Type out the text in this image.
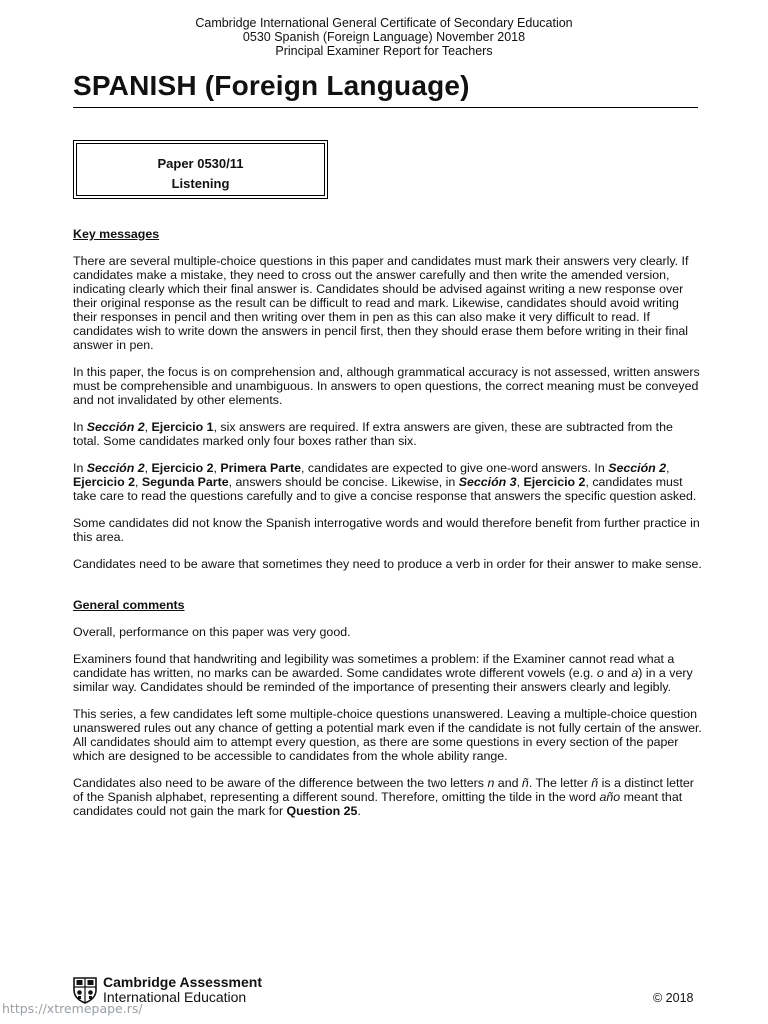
Cambridge International General Certificate of Secondary Education
0530 Spanish (Foreign Language) November 2018
Principal Examiner Report for Teachers
SPANISH (Foreign Language)
Paper 0530/11
Listening
Key messages

There are several multiple-choice questions in this paper and candidates must mark their answers very clearly. If candidates make a mistake, they need to cross out the answer carefully and then write the amended version, indicating clearly which their final answer is. Candidates should be advised against writing a new response over their original response as the result can be difficult to read and mark. Likewise, candidates should avoid writing their responses in pencil and then writing over them in pen as this can also make it very difficult to read. If candidates wish to write down the answers in pencil first, then they should erase them before writing in their final answer in pen.

In this paper, the focus is on comprehension and, although grammatical accuracy is not assessed, written answers must be comprehensible and unambiguous. In answers to open questions, the correct meaning must be conveyed and not invalidated by other elements.

In Sección 2, Ejercicio 1, six answers are required. If extra answers are given, these are subtracted from the total. Some candidates marked only four boxes rather than six.

In Sección 2, Ejercicio 2, Primera Parte, candidates are expected to give one-word answers. In Sección 2, Ejercicio 2, Segunda Parte, answers should be concise. Likewise, in Sección 3, Ejercicio 2, candidates must take care to read the questions carefully and to give a concise response that answers the specific question asked.

Some candidates did not know the Spanish interrogative words and would therefore benefit from further practice in this area.

Candidates need to be aware that sometimes they need to produce a verb in order for their answer to make sense.

General comments

Overall, performance on this paper was very good.

Examiners found that handwriting and legibility was sometimes a problem: if the Examiner cannot read what a candidate has written, no marks can be awarded. Some candidates wrote different vowels (e.g. o and a) in a very similar way. Candidates should be reminded of the importance of presenting their answers clearly and legibly.

This series, a few candidates left some multiple-choice questions unanswered. Leaving a multiple-choice question unanswered rules out any chance of getting a potential mark even if the candidate is not fully certain of the answer. All candidates should aim to attempt every question, as there are some questions in every section of the paper which are designed to be accessible to candidates from the whole ability range.

Candidates also need to be aware of the difference between the two letters n and ñ. The letter ñ is a distinct letter of the Spanish alphabet, representing a different sound. Therefore, omitting the tilde in the word año meant that candidates could not gain the mark for Question 25.

Cambridge Assessment
International Education
https://xtremepape.rs/
© 2018
